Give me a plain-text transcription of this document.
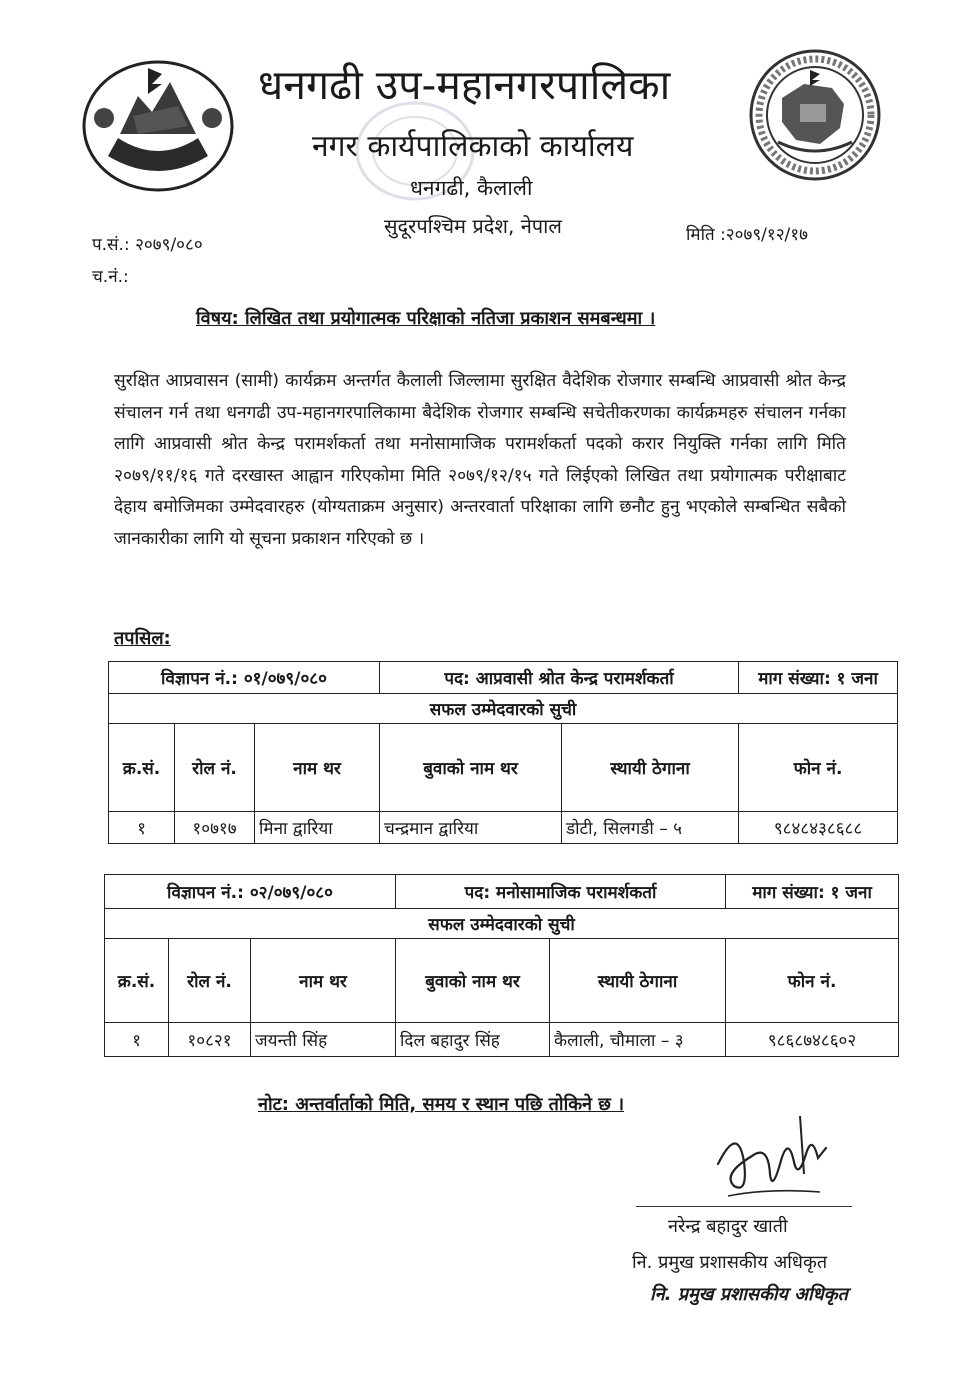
धनगढी उप-महानगरपालिका
नगर कार्यपालिकाको कार्यालय
धनगढी, कैलाली
सुदूरपश्चिम प्रदेश, नेपाल
प.सं.: २०७९/०८०
च.नं.:
मिति :२०७९/१२/१७
विषय: लिखित तथा प्रयोगात्मक परिक्षाको नतिजा प्रकाशन समबन्धमा ।
सुरक्षित आप्रवासन (सामी) कार्यक्रम अन्तर्गत कैलाली जिल्लामा सुरक्षित वैदेशिक रोजगार सम्बन्धि आप्रवासी श्रोत केन्द्र संचालन गर्न तथा धनगढी उप-महानगरपालिकामा बैदेशिक रोजगार सम्बन्धि सचेतीकरणका कार्यक्रमहरु संचालन गर्नका लागि आप्रवासी श्रोत केन्द्र परामर्शकर्ता तथा मनोसामाजिक परामर्शकर्ता पदको करार नियुक्ति गर्नका लागि मिति २०७९/११/१६ गते दरखास्त आह्वान गरिएकोमा मिति २०७९/१२/१५ गते लिईएको लिखित तथा प्रयोगात्मक परीक्षाबाट देहाय बमोजिमका उम्मेदवारहरु (योग्यताक्रम अनुसार) अन्तरवार्ता परिक्षाका लागि छनौट हुनु भएकोले सम्बन्धित सबैको जानकारीका लागि यो सूचना प्रकाशन गरिएको छ ।
तपसिल:
विज्ञापन नं.: ०१/०७९/०८०			पद: आप्रवासी श्रोत केन्द्र परामर्शकर्ता		माग संख्या: १ जना
सफल उम्मेदवारको सुची					
क्र.सं.	रोल नं.	नाम थर	बुवाको नाम थर	स्थायी ठेगाना	फोन नं.
१	१०७१७	मिना द्वारिया	चन्द्रमान द्वारिया	डोटी, सिलगडी – ५	९८४८४३८६८८
विज्ञापन नं.: ०२/०७९/०८०			पद: मनोसामाजिक परामर्शकर्ता		माग संख्या: १ जना
सफल उम्मेदवारको सुची					
क्र.सं.	रोल नं.	नाम थर	बुवाको नाम थर	स्थायी ठेगाना	फोन नं.
१	१०८२१	जयन्ती सिंह	दिल बहादुर सिंह	कैलाली, चौमाला – ३	९८६८७४८६०२
नोट: अन्तर्वार्ताको मिति, समय र स्थान पछि तोकिने छ ।
नरेन्द्र बहादुर खाती
नि. प्रमुख प्रशासकीय अधिकृत
नि. प्रमुख प्रशासकीय अधिकृत
